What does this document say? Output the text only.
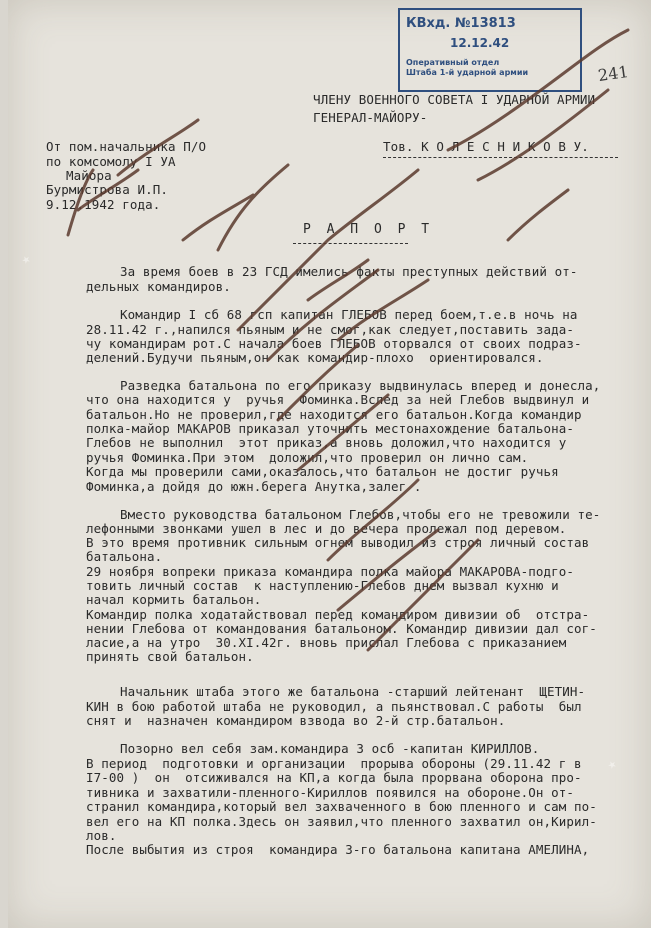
КВхд. №13813
12.12.42
Оперативный отдел
Штаба 1-й ударной армии	241
ЧЛЕНУ ВОЕННОГО СОВЕТА I УДАРНОЙ АРМИИ
ГЕНЕРАЛ-МАЙОРУ-
Тов. К О Л Е С Н И К О В У.
От пом.начальника П/О
по комсомолу I УА
Майора
Бурмистрова И.П.
9.12.1942 года.
Р А П О Р Т
За время боев в 23 ГСД имелись факты преступных действий от-
дельных командиров.
Командир I сб 68 гсп капитан ГЛЕБОВ перед боем,т.е.в ночь на
28.11.42 г.,напился пьяным и не смог,как следует,поставить зада-
чу командирам рот.С начала боев ГЛЕБОВ оторвался от своих подраз-
делений.Будучи пьяным,он как командир-плохо  ориентировался.
Разведка батальона по его приказу выдвинулась вперед и донесла,
что она находится у  ручья  Фоминка.Вслед за ней Глебов выдвинул и
батальон.Но не проверил,где находится его батальон.Когда командир
полка-майор МАКАРОВ приказал уточнить местонахождение батальона-
Глебов не выполнил  этот приказ,а вновь доложил,что находится у
ручья Фоминка.При этом  доложил,что проверил он лично сам.
Когда мы проверили сами,оказалось,что батальон не достиг ручья
Фоминка,а дойдя до южн.берега Анутка,залег .
Вместо руководства батальоном Глебов,чтобы его не тревожили те-
лефонными звонками ушел в лес и до вечера пролежал под деревом.
В это время противник сильным огнем выводил из строя личный состав
батальона.
29 ноября вопреки приказа командира полка майора МАКАРОВА-подго-
товить личный состав  к наступлению-Глебов днем вызвал кухню и
начал кормить батальон.
Командир полка ходатайствовал перед командиром дивизии об  отстра-
нении Глебова от командования батальоном. Командир дивизии дал сог-
ласие,а на утро  30.XI.42г. вновь прислал Глебова с приказанием
принять свой батальон.
Начальник штаба этого же батальона -старший лейтенант  ЩЕТИН-
КИН в бою работой штаба не руководил, а пьянствовал.С работы  был
снят и  назначен командиром взвода во 2-й стр.батальон.
Позорно вел себя зам.командира 3 осб -капитан КИРИЛЛОВ.
В период  подготовки и организации  прорыва обороны (29.11.42 г в
I7-00 )  он  отсиживался на КП,а когда была прорвана оборона про-
тивника и захватили-пленного-Кириллов появился на обороне.Он от-
странил командира,который вел захваченного в бою пленного и сам по-
вел его на КП полка.Здесь он заявил,что пленного захватил он,Кирил-
лов.
После выбытия из строя  командира 3-го батальона капитана АМЕЛИНА,
★
★
